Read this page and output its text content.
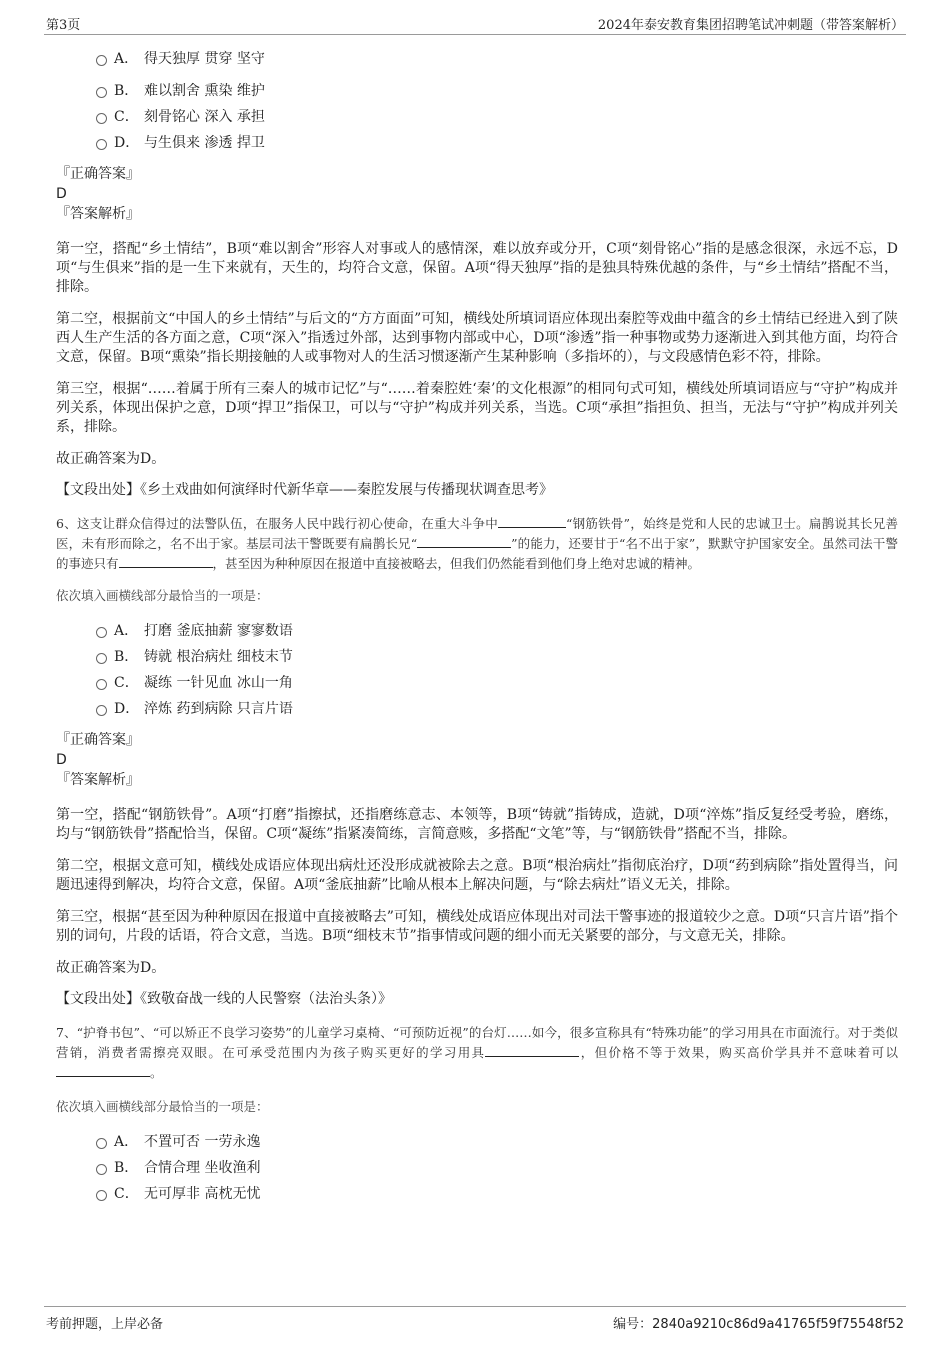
第3页	2024年泰安教育集团招聘笔试冲刺题（带答案解析）
A． 得天独厚 贯穿 坚守
B． 难以割舍 熏染 维护
C． 刻骨铭心 深入 承担
D． 与生俱来 渗透 捍卫
『正确答案』
D
『答案解析』

第一空，搭配“乡土情结”，B项“难以割舍”形容人对事或人的感情深，难以放弃或分开，C项“刻骨铭心”指的是感念很深，永远不忘，D项“与生俱来”指的是一生下来就有，天生的，均符合文意，保留。A项“得天独厚”指的是独具特殊优越的条件，与“乡土情结”搭配不当，排除。

第二空，根据前文“中国人的乡土情结”与后文的“方方面面”可知，横线处所填词语应体现出秦腔等戏曲中蕴含的乡土情结已经进入到了陕西人生产生活的各方面之意，C项“深入”指透过外部，达到事物内部或中心，D项“渗透”指一种事物或势力逐渐进入到其他方面，均符合文意，保留。B项“熏染”指长期接触的人或事物对人的生活习惯逐渐产生某种影响（多指坏的），与文段感情色彩不符，排除。

第三空，根据“……着属于所有三秦人的城市记忆”与“……着秦腔姓‘秦’的文化根源”的相同句式可知，横线处所填词语应与“守护”构成并列关系，体现出保护之意，D项“捍卫”指保卫，可以与“守护”构成并列关系，当选。C项“承担”指担负、担当，无法与“守护”构成并列关系，排除。

故正确答案为D。

【文段出处】《乡土戏曲如何演绎时代新华章——秦腔发展与传播现状调查思考》

6、这支让群众信得过的法警队伍，在服务人民中践行初心使命，在重大斗争中	“钢筋铁骨”，始终是党和人民的忠诚卫士。扁鹊说其长兄善医，未有形而除之，名不出于家。基层司法干警既要有扁鹊长兄“	”的能力，还要甘于“名不出于家”，默默守护国家安全。虽然司法干警的事迹只有	，甚至因为种种原因在报道中直接被略去，但我们仍然能看到他们身上绝对忠诚的精神。

依次填入画横线部分最恰当的一项是：

A． 打磨 釜底抽薪 寥寥数语
B． 铸就 根治病灶 细枝末节
C． 凝练 一针见血 冰山一角
D． 淬炼 药到病除 只言片语
『正确答案』
D
『答案解析』

第一空，搭配“钢筋铁骨”。A项“打磨”指擦拭，还指磨练意志、本领等，B项“铸就”指铸成，造就，D项“淬炼”指反复经受考验，磨练，均与“钢筋铁骨”搭配恰当，保留。C项“凝练”指紧凑简练，言简意赅，多搭配“文笔”等，与“钢筋铁骨”搭配不当，排除。

第二空，根据文意可知，横线处成语应体现出病灶还没形成就被除去之意。B项“根治病灶”指彻底治疗，D项“药到病除”指处置得当，问题迅速得到解决，均符合文意，保留。A项“釜底抽薪”比喻从根本上解决问题，与“除去病灶”语义无关，排除。

第三空，根据“甚至因为种种原因在报道中直接被略去”可知，横线处成语应体现出对司法干警事迹的报道较少之意。D项“只言片语”指个别的词句，片段的话语，符合文意，当选。B项“细枝末节”指事情或问题的细小而无关紧要的部分，与文意无关，排除。

故正确答案为D。

【文段出处】《致敬奋战一线的人民警察（法治头条）》

7、“护脊书包”、“可以矫正不良学习姿势”的儿童学习桌椅、“可预防近视”的台灯……如今，很多宣称具有“特殊功能”的学习用具在市面流行。对于类似营销，消费者需擦亮双眼。在可承受范围内为孩子购买更好的学习用具	，但价格不等于效果，购买高价学具并不意味着可以。

依次填入画横线部分最恰当的一项是：

A． 不置可否 一劳永逸
B． 合情合理 坐收渔利
C． 无可厚非 高枕无忧
考前押题，上岸必备	编号：2840a9210c86d9a41765f59f75548f52
